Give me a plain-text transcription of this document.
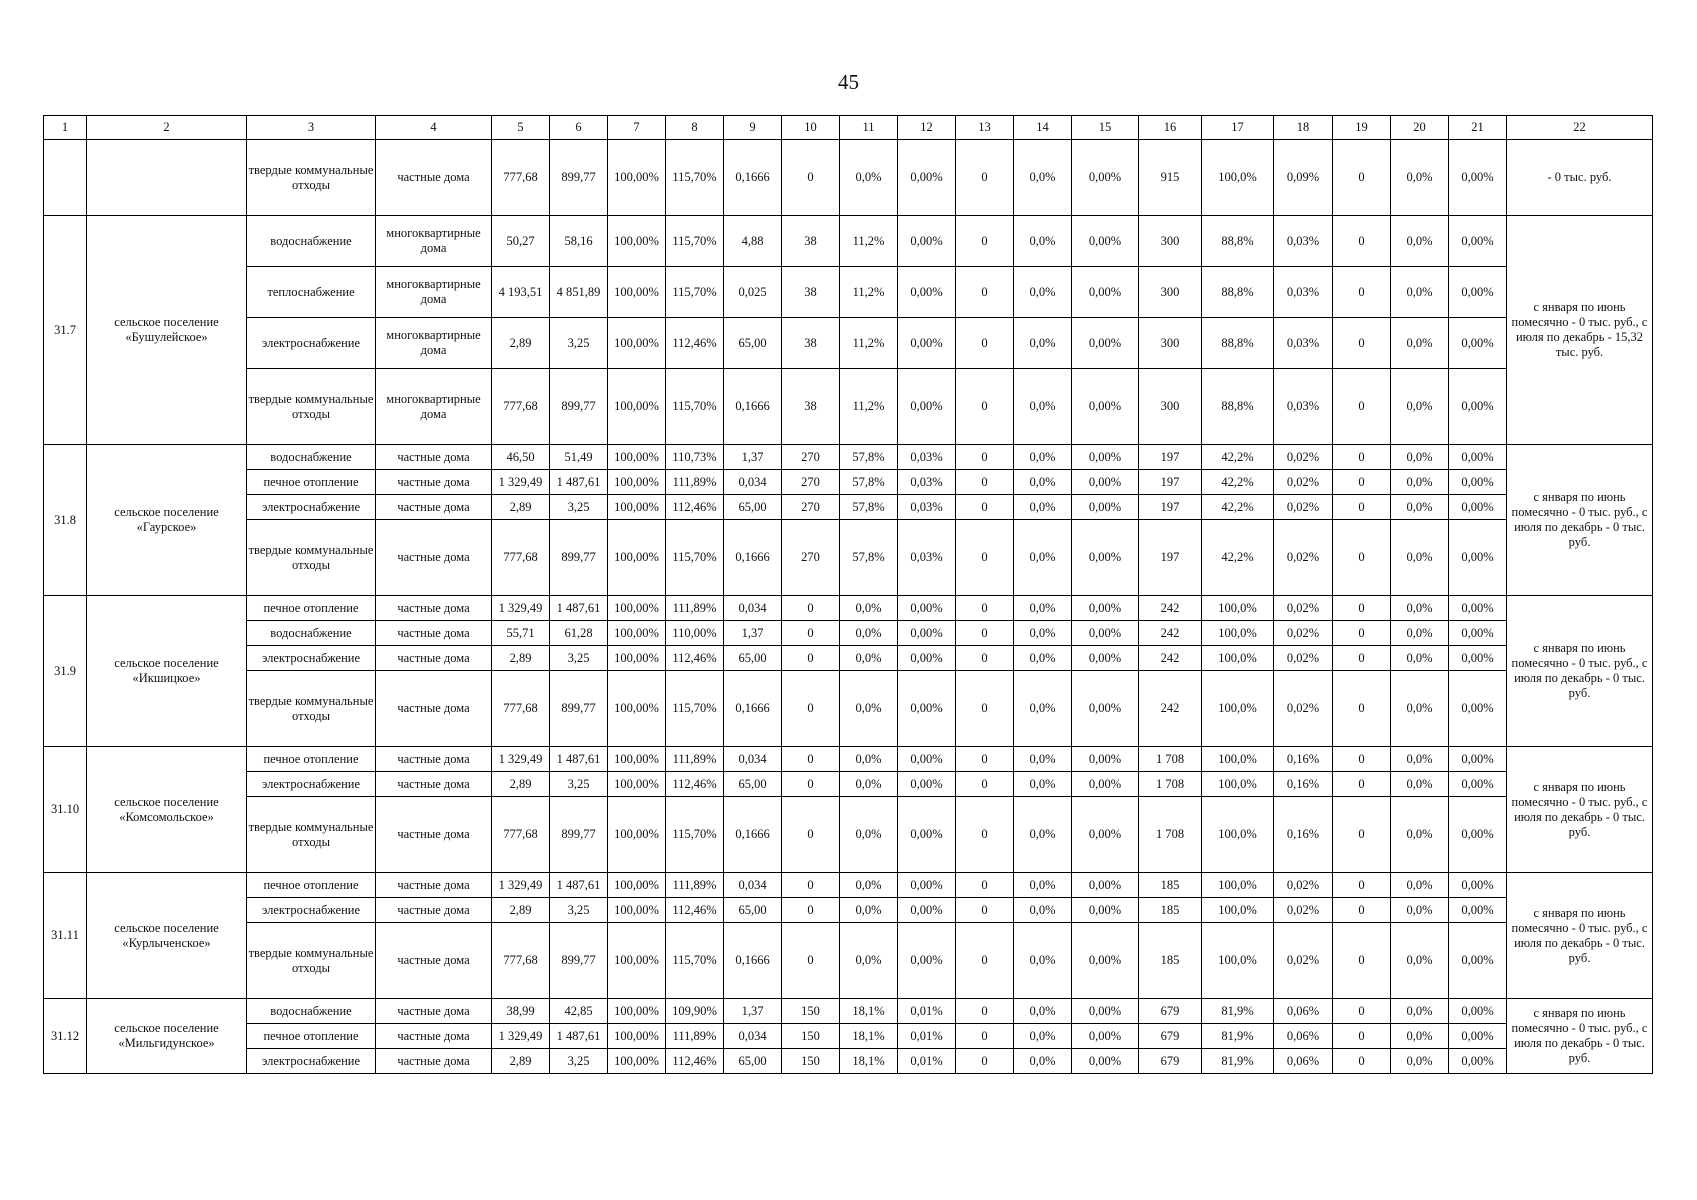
45
1	2	3	4	5	6	7	8	9	10	11	12	13	14	15	16	17	18	19	20	21	22
		твердые коммунальные отходы	частные дома	777,68	899,77	100,00%	115,70%	0,1666	0	0,0%	0,00%	0	0,0%	0,00%	915	100,0%	0,09%	0	0,0%	0,00%	- 0 тыс. руб.
31.7	сельское поселение «Бушулейское»	водоснабжение	многоквартирные дома	50,27	58,16	100,00%	115,70%	4,88	38	11,2%	0,00%	0	0,0%	0,00%	300	88,8%	0,03%	0	0,0%	0,00%	с января по июнь помесячно - 0 тыс. руб., с июля по декабрь - 15,32 тыс. руб.
		теплоснабжение	многоквартирные дома	4 193,51	4 851,89	100,00%	115,70%	0,025	38	11,2%	0,00%	0	0,0%	0,00%	300	88,8%	0,03%	0	0,0%	0,00%	
		электроснабжение	многоквартирные дома	2,89	3,25	100,00%	112,46%	65,00	38	11,2%	0,00%	0	0,0%	0,00%	300	88,8%	0,03%	0	0,0%	0,00%	
		твердые коммунальные отходы	многоквартирные дома	777,68	899,77	100,00%	115,70%	0,1666	38	11,2%	0,00%	0	0,0%	0,00%	300	88,8%	0,03%	0	0,0%	0,00%	
31.8	сельское поселение «Гаурское»	водоснабжение	частные дома	46,50	51,49	100,00%	110,73%	1,37	270	57,8%	0,03%	0	0,0%	0,00%	197	42,2%	0,02%	0	0,0%	0,00%	с января по июнь помесячно - 0 тыс. руб., с июля по декабрь - 0 тыс. руб.
		печное отопление	частные дома	1 329,49	1 487,61	100,00%	111,89%	0,034	270	57,8%	0,03%	0	0,0%	0,00%	197	42,2%	0,02%	0	0,0%	0,00%	
		электроснабжение	частные дома	2,89	3,25	100,00%	112,46%	65,00	270	57,8%	0,03%	0	0,0%	0,00%	197	42,2%	0,02%	0	0,0%	0,00%	
		твердые коммунальные отходы	частные дома	777,68	899,77	100,00%	115,70%	0,1666	270	57,8%	0,03%	0	0,0%	0,00%	197	42,2%	0,02%	0	0,0%	0,00%	
31.9	сельское поселение «Икшицкое»	печное отопление	частные дома	1 329,49	1 487,61	100,00%	111,89%	0,034	0	0,0%	0,00%	0	0,0%	0,00%	242	100,0%	0,02%	0	0,0%	0,00%	с января по июнь помесячно - 0 тыс. руб., с июля по декабрь - 0 тыс. руб.
		водоснабжение	частные дома	55,71	61,28	100,00%	110,00%	1,37	0	0,0%	0,00%	0	0,0%	0,00%	242	100,0%	0,02%	0	0,0%	0,00%	
		электроснабжение	частные дома	2,89	3,25	100,00%	112,46%	65,00	0	0,0%	0,00%	0	0,0%	0,00%	242	100,0%	0,02%	0	0,0%	0,00%	
		твердые коммунальные отходы	частные дома	777,68	899,77	100,00%	115,70%	0,1666	0	0,0%	0,00%	0	0,0%	0,00%	242	100,0%	0,02%	0	0,0%	0,00%	
31.10	сельское поселение «Комсомольское»	печное отопление	частные дома	1 329,49	1 487,61	100,00%	111,89%	0,034	0	0,0%	0,00%	0	0,0%	0,00%	1 708	100,0%	0,16%	0	0,0%	0,00%	с января по июнь помесячно - 0 тыс. руб., с июля по декабрь - 0 тыс. руб.
		электроснабжение	частные дома	2,89	3,25	100,00%	112,46%	65,00	0	0,0%	0,00%	0	0,0%	0,00%	1 708	100,0%	0,16%	0	0,0%	0,00%	
		твердые коммунальные отходы	частные дома	777,68	899,77	100,00%	115,70%	0,1666	0	0,0%	0,00%	0	0,0%	0,00%	1 708	100,0%	0,16%	0	0,0%	0,00%	
31.11	сельское поселение «Курлыченское»	печное отопление	частные дома	1 329,49	1 487,61	100,00%	111,89%	0,034	0	0,0%	0,00%	0	0,0%	0,00%	185	100,0%	0,02%	0	0,0%	0,00%	с января по июнь помесячно - 0 тыс. руб., с июля по декабрь - 0 тыс. руб.
		электроснабжение	частные дома	2,89	3,25	100,00%	112,46%	65,00	0	0,0%	0,00%	0	0,0%	0,00%	185	100,0%	0,02%	0	0,0%	0,00%	
		твердые коммунальные отходы	частные дома	777,68	899,77	100,00%	115,70%	0,1666	0	0,0%	0,00%	0	0,0%	0,00%	185	100,0%	0,02%	0	0,0%	0,00%	
31.12	сельское поселение «Мильгидунское»	водоснабжение	частные дома	38,99	42,85	100,00%	109,90%	1,37	150	18,1%	0,01%	0	0,0%	0,00%	679	81,9%	0,06%	0	0,0%	0,00%	с января по июнь помесячно - 0 тыс. руб., с июля по декабрь - 0 тыс. руб.
		печное отопление	частные дома	1 329,49	1 487,61	100,00%	111,89%	0,034	150	18,1%	0,01%	0	0,0%	0,00%	679	81,9%	0,06%	0	0,0%	0,00%	
		электроснабжение	частные дома	2,89	3,25	100,00%	112,46%	65,00	150	18,1%	0,01%	0	0,0%	0,00%	679	81,9%	0,06%	0	0,0%	0,00%	
